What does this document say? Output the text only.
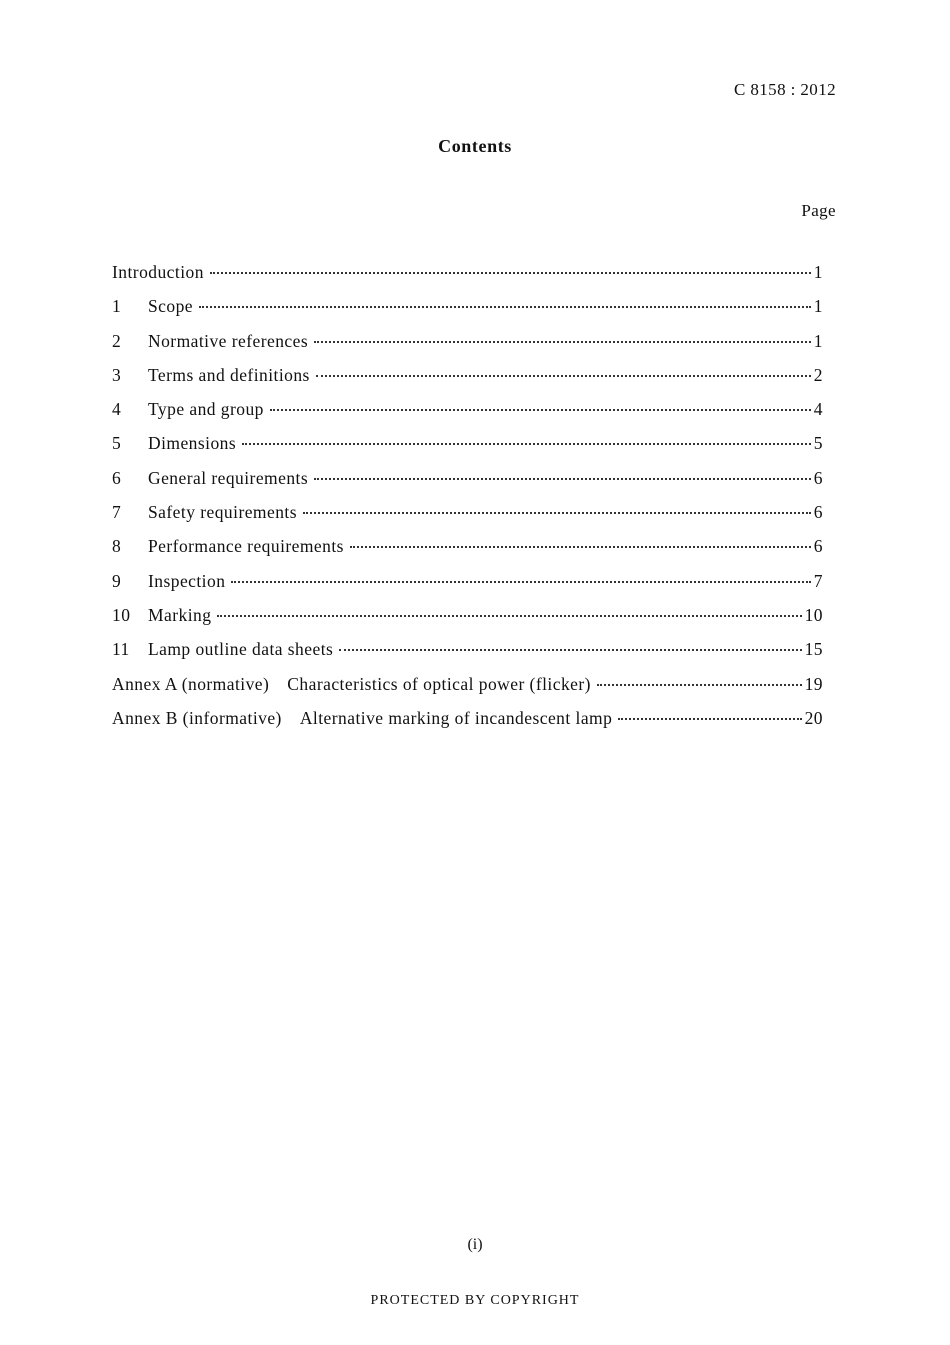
C 8158 : 2012
Contents
Page
Introduction	1
1	Scope	1
2	Normative references	1
3	Terms and definitions	2
4	Type and group	4
5	Dimensions	5
6	General requirements	6
7	Safety requirements	6
8	Performance requirements	6
9	Inspection	7
10	Marking	10
11	Lamp outline data sheets	15
Annex A (normative) Characteristics of optical power (flicker)	19
Annex B (informative) Alternative marking of incandescent lamp	20
(i)
PROTECTED BY COPYRIGHT
